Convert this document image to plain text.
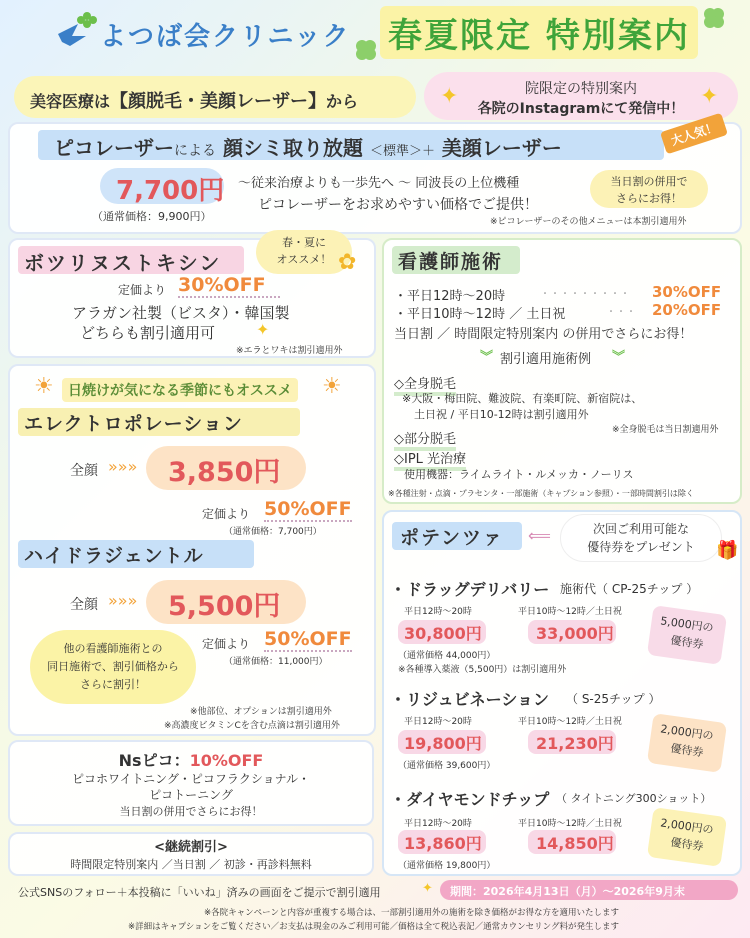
よつば会クリニック 春夏限定 特別案内
美容医療は【顔脱毛・美顔レーザー】から
院限定の特別案内
各院のInstagramにて発信中！
✦	✦
ピコレーザーによる 顔シミ取り放題 ＜標準＞＋ 美顔レーザー	大人気！
7,700円
（通常価格：9,900円）
〜従来治療よりも一歩先へ 〜 同波長の上位機種
ピコレーザーをお求めやすい価格でご提供！
当日割の併用で
さらにお得！
※ピコレーザーのその他メニューは本割引適用外
ボツリヌストキシン
春・夏に
オススメ！ ✿
定価より 30%OFF
アラガン社製（ビスタ）・韓国製
どちらも割引適用可	✦
※エラとワキは割引適用外
☀	日焼けが気になる季節にもオススメ ☀
エレクトロポレーション
全顔 »»» 3,850円
定価より 50%OFF
（通常価格：7,700円）
ハイドラジェントル
全顔 »»» 5,500円
定価より 50%OFF
（通常価格：11,000円）
他の看護師施術との
同日施術で、割引価格から
さらに割引！
※他部位、オプションは割引適用外
※高濃度ビタミンCを含む点滴は割引適用外
Nsピコ：10%OFF
ピコホワイトニング・ピコフラクショナル・
ピコトーニング
当日割の併用でさらにお得！
<継続割引>
時間限定特別案内 ／当日割 ／ 初診・再診料無料
看護師施術
・平日12時〜20時	・・・・・・・・・ 30%OFF
・平日10時〜12時 ／ 土日祝	・・・ 20%OFF
当日割 ／ 時間限定特別案内 の併用でさらにお得！
︾ 割引適用施術例 ︾
◇全身脱毛
※大阪・梅田院、難波院、有楽町院、新宿院は、
土日祝 / 平日10-12時は割引適用外
※全身脱毛は当日割適用外
◇部分脱毛
◇IPL 光治療
使用機器：ライムライト・ルメッカ・ノーリス
※各種注射・点滴・プラセンタ・一部施術（キャプション参照）・一部時間割引は除く
ポテンツァ ⟸	次回ご利用可能な
優待券をプレゼント	🎁
・ドラッグデリバリー 施術代（ CP-25チップ ）
平日12時〜20時	平日10時〜12時／土日祝
30,800円	33,000円
（通常価格 44,000円）
※各種導入薬液（5,500円）は割引適用外
5,000円の
優待券
・リジュビネーション （ S-25チップ ）
平日12時〜20時	平日10時〜12時／土日祝
19,800円	21,230円
（通常価格 39,600円）
2,000円の
優待券
・ダイヤモンドチップ （ タイトニング300ショット）
平日12時〜20時	平日10時〜12時／土日祝
13,860円	14,850円
（通常価格 19,800円）
2,000円の
優待券
公式SNSのフォロー＋本投稿に「いいね」済みの画面をご提示で割引適用	✦	期間：2026年4月13日（月）〜2026年9月末
※各院キャンペーンと内容が重複する場合は、一部割引適用外の施術を除き価格がお得な方を適用いたします
※詳細はキャプションをご覧ください／お支払は現金のみご利用可能／価格は全て税込表記／通常カウンセリング料が発生します
